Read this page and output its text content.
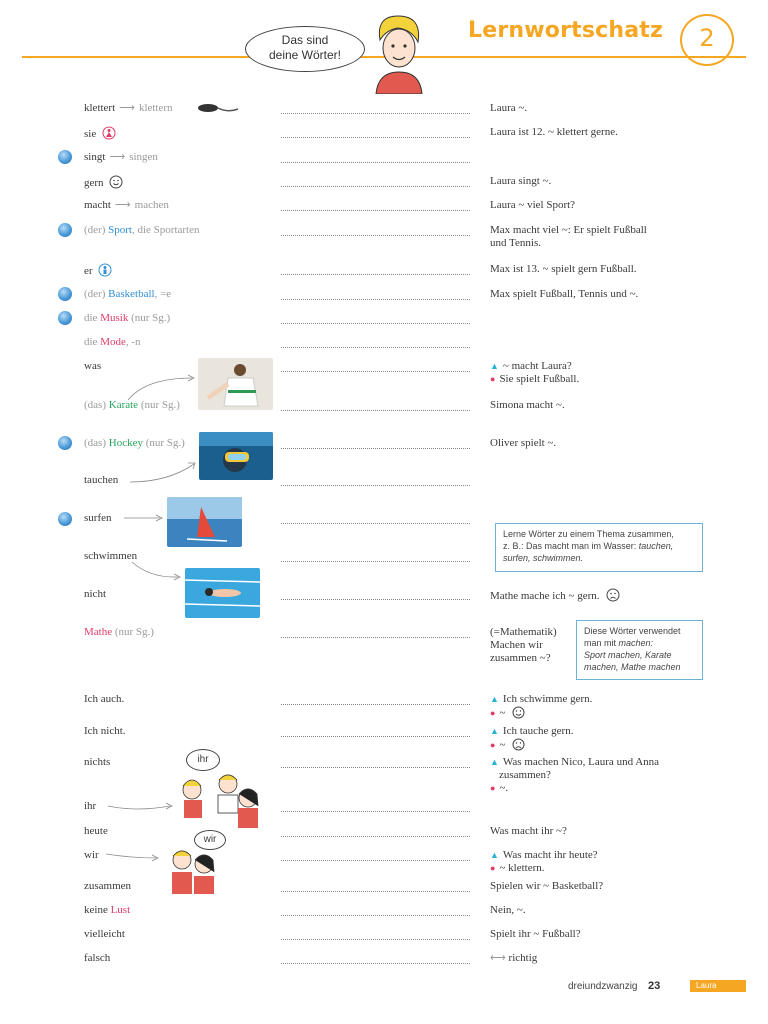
Lernwortschatz	2
Das sind
deine Wörter!
klettert ⟶ klettern	Laura ~.
sie	Laura ist 12. ~ klettert gerne.
singt ⟶ singen
gern	Laura singt ~.
macht ⟶ machen	Laura ~ viel Sport?
(der) Sport, die Sportarten	Max macht viel ~: Er spielt Fußball
und Tennis.
er	Max ist 13. ~ spielt gern Fußball.
(der) Basketball, =e	Max spielt Fußball, Tennis und ~.
die Musik (nur Sg.)
die Mode, -n
was	▲ ~ macht Laura?
● Sie spielt Fußball.
(das) Karate (nur Sg.)	Simona macht ~.
(das) Hockey (nur Sg.)	Oliver spielt ~.
tauchen
surfen
schwimmen
nicht	Mathe mache ich ~ gern.
Mathe (nur Sg.)	(=Mathematik)
Machen wir
zusammen ~?
Lerne Wörter zu einem Thema zusammen,
z. B.: Das macht man im Wasser: tauchen,
surfen, schwimmen.
Diese Wörter verwendet
man mit machen:
Sport machen, Karate
machen, Mathe machen
Ich auch.	▲ Ich schwimme gern.
● ~
Ich nicht.	▲ Ich tauche gern.
● ~
nichts	▲ Was machen Nico, Laura und Anna
zusammen?
● ~.
ihr
ihr
heute	Was macht ihr ~?
wir	▲ Was macht ihr heute?
● ~ klettern.
wir
zusammen	Spielen wir ~ Basketball?
keine Lust	Nein, ~.
vielleicht	Spielt ihr ~ Fußball?
falsch	⟷ richtig
dreiundzwanzig 23	Laura
